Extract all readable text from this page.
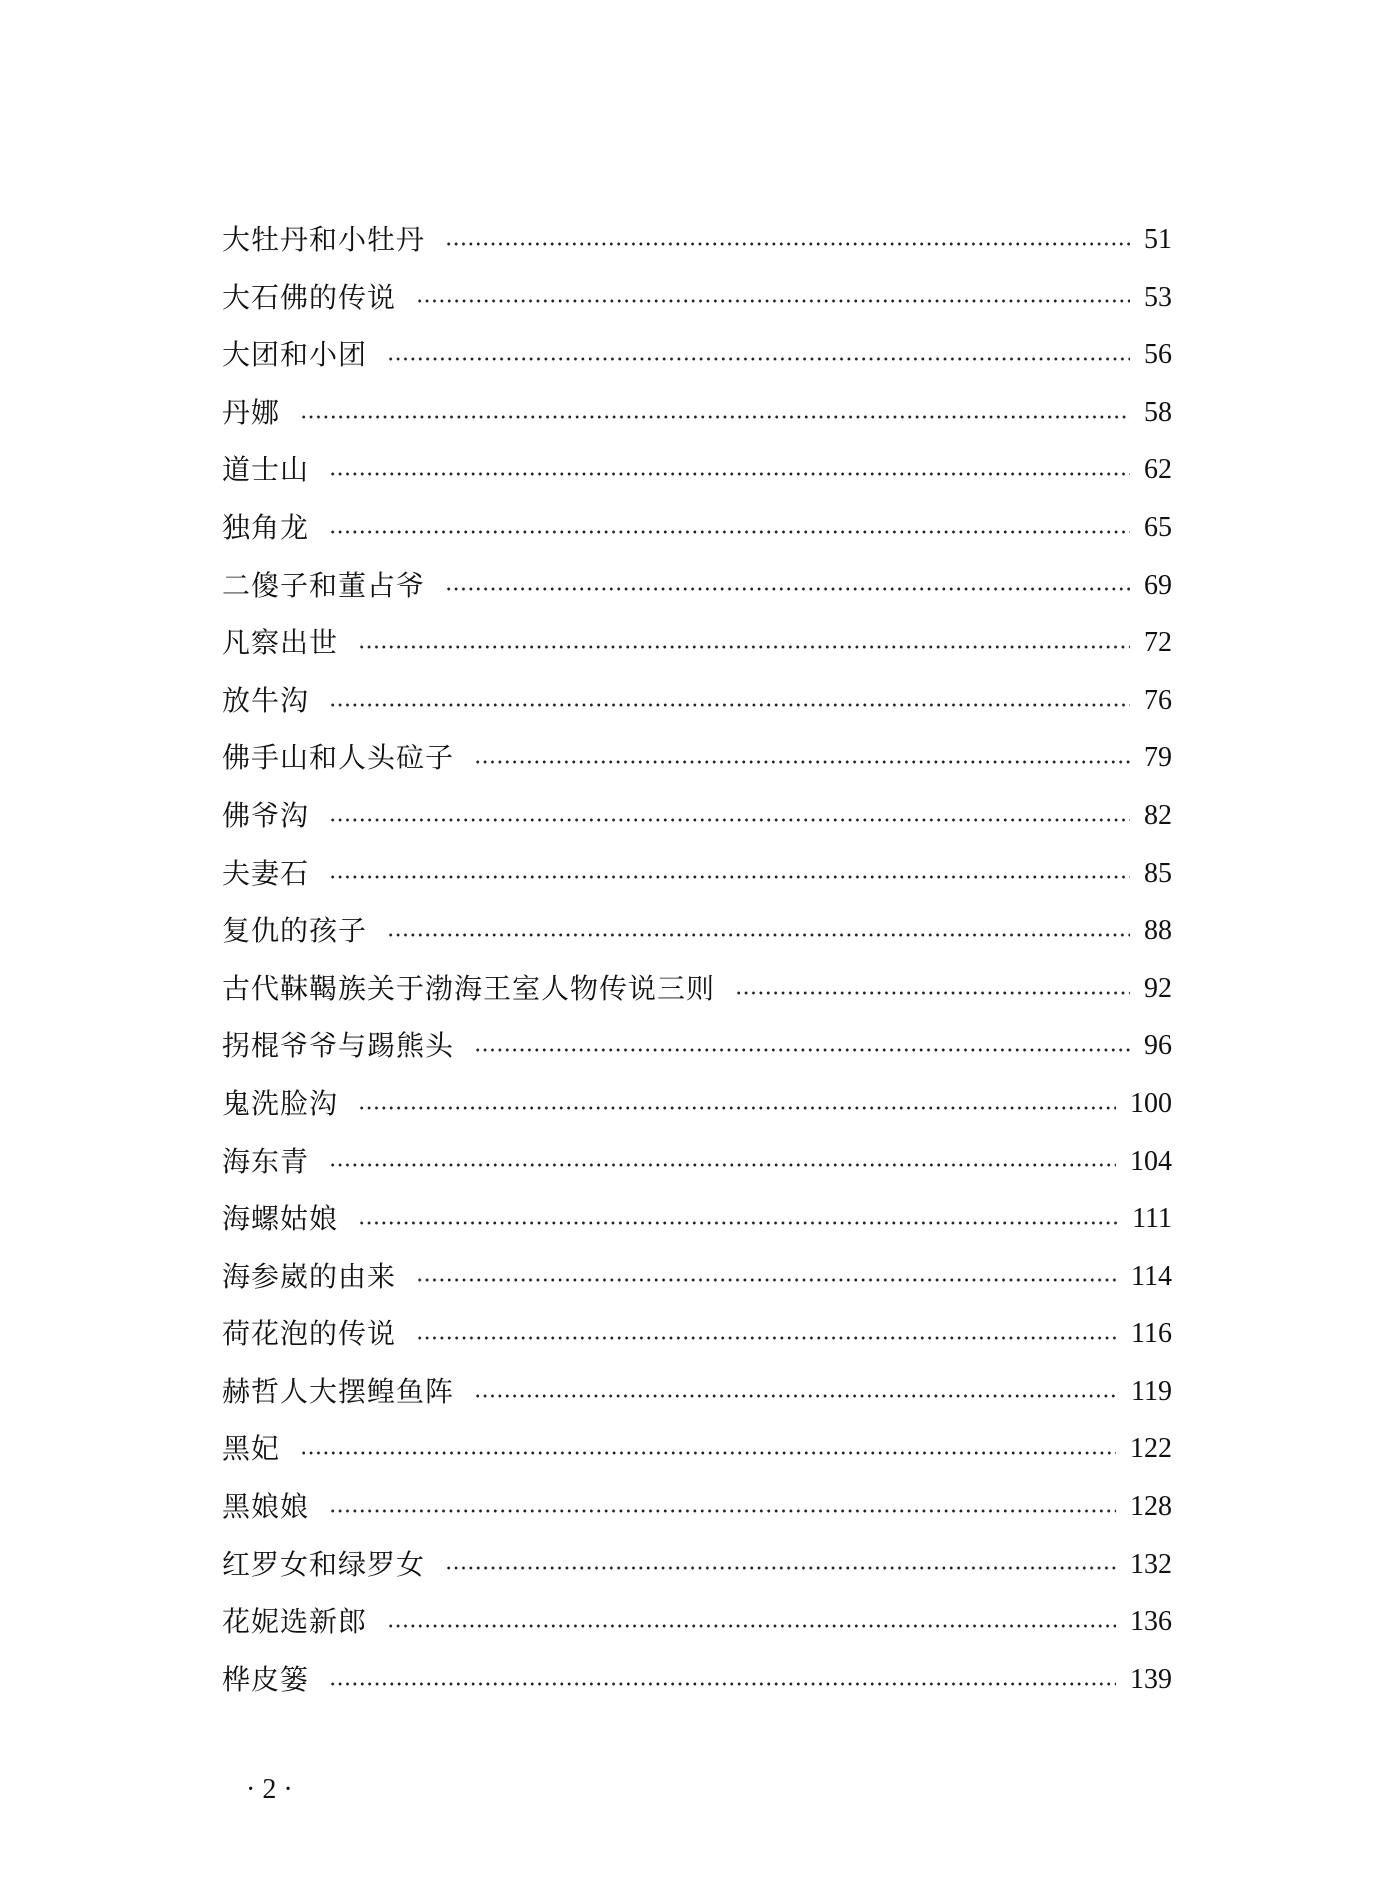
大牡丹和小牡丹	51
大石佛的传说	53
大团和小团	56
丹娜	58
道士山	62
独角龙	65
二傻子和董占爷	69
凡察出世	72
放牛沟	76
佛手山和人头砬子	79
佛爷沟	82
夫妻石	85
复仇的孩子	88
古代靺鞨族关于渤海王室人物传说三则	92
拐棍爷爷与踢熊头	96
鬼洗脸沟	100
海东青	104
海螺姑娘	111
海参崴的由来	114
荷花泡的传说	116
赫哲人大摆鳇鱼阵	119
黑妃	122
黑娘娘	128
红罗女和绿罗女	132
花妮选新郎	136
桦皮篓	139
· 2 ·
